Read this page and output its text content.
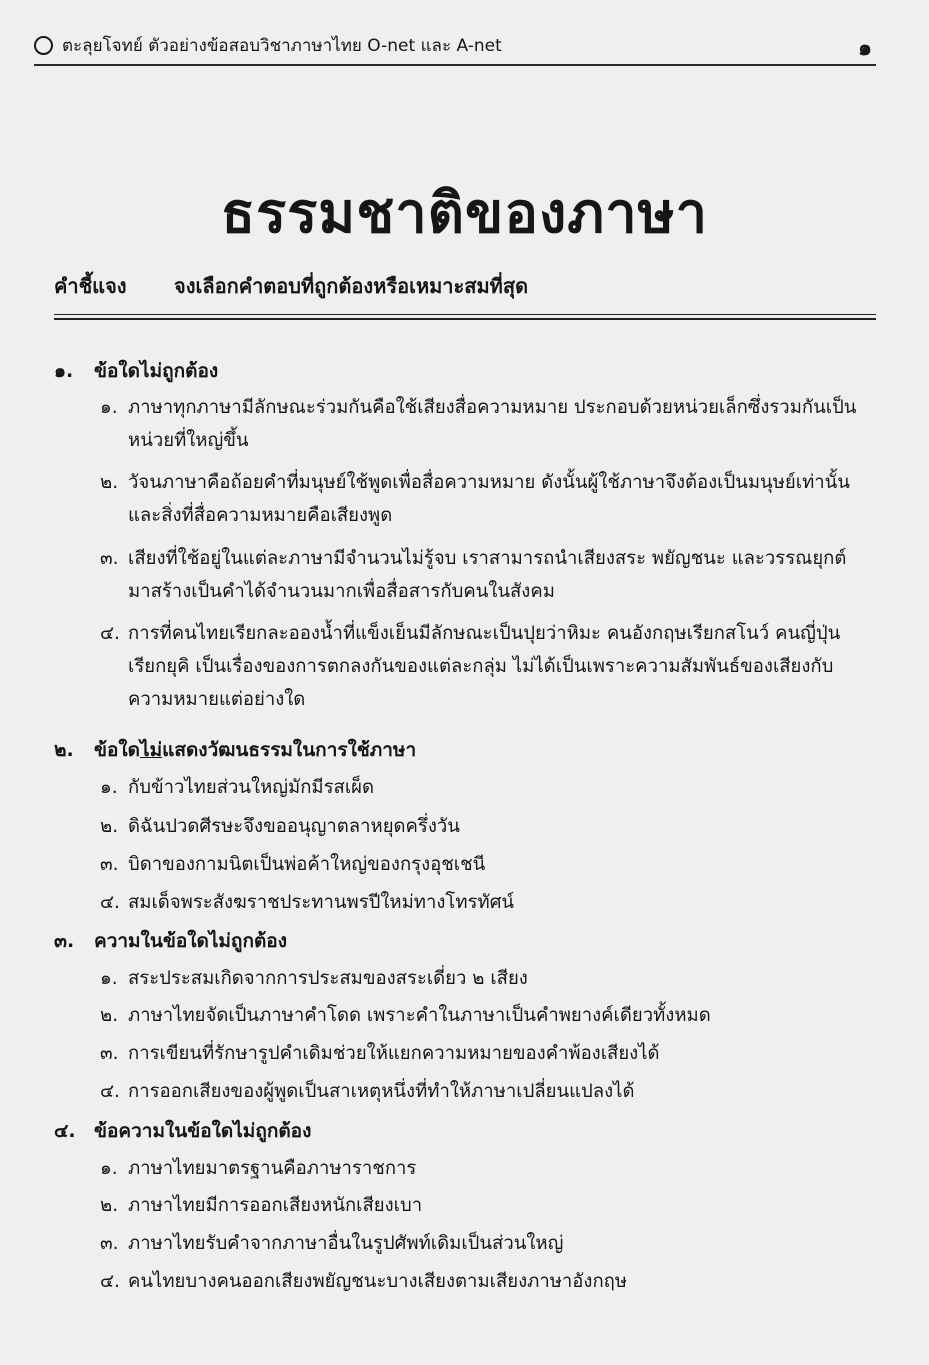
ตะลุยโจทย์ ตัวอย่างข้อสอบวิชาภาษาไทย O-net และ A-net	๑
ธรรมชาติของภาษา
คำชี้แจง จงเลือกคำตอบที่ถูกต้องหรือเหมาะสมที่สุด
๑. ข้อใดไม่ถูกต้อง
๑. ภาษาทุกภาษามีลักษณะร่วมกันคือใช้เสียงสื่อความหมาย ประกอบด้วยหน่วยเล็กซึ่งรวมกันเป็นหน่วยที่ใหญ่ขึ้น
๒. วัจนภาษาคือถ้อยคำที่มนุษย์ใช้พูดเพื่อสื่อความหมาย ดังนั้นผู้ใช้ภาษาจึงต้องเป็นมนุษย์เท่านั้นและสิ่งที่สื่อความหมายคือเสียงพูด
๓. เสียงที่ใช้อยู่ในแต่ละภาษามีจำนวนไม่รู้จบ เราสามารถนำเสียงสระ พยัญชนะ และวรรณยุกต์มาสร้างเป็นคำได้จำนวนมากเพื่อสื่อสารกับคนในสังคม
๔. การที่คนไทยเรียกละอองน้ำที่แข็งเย็นมีลักษณะเป็นปุยว่าหิมะ คนอังกฤษเรียกสโนว์ คนญี่ปุ่นเรียกยุคิ เป็นเรื่องของการตกลงกันของแต่ละกลุ่ม ไม่ได้เป็นเพราะความสัมพันธ์ของเสียงกับความหมายแต่อย่างใด
๒. ข้อใดไม่แสดงวัฒนธรรมในการใช้ภาษา
๑. กับข้าวไทยส่วนใหญ่มักมีรสเผ็ด
๒. ดิฉันปวดศีรษะจึงขออนุญาตลาหยุดครึ่งวัน
๓. บิดาของกามนิตเป็นพ่อค้าใหญ่ของกรุงอุชเชนี
๔. สมเด็จพระสังฆราชประทานพรปีใหม่ทางโทรทัศน์
๓. ความในข้อใดไม่ถูกต้อง
๑. สระประสมเกิดจากการประสมของสระเดี่ยว ๒ เสียง
๒. ภาษาไทยจัดเป็นภาษาคำโดด เพราะคำในภาษาเป็นคำพยางค์เดียวทั้งหมด
๓. การเขียนที่รักษารูปคำเดิมช่วยให้แยกความหมายของคำพ้องเสียงได้
๔. การออกเสียงของผู้พูดเป็นสาเหตุหนึ่งที่ทำให้ภาษาเปลี่ยนแปลงได้
๔. ข้อความในข้อใดไม่ถูกต้อง
๑. ภาษาไทยมาตรฐานคือภาษาราชการ
๒. ภาษาไทยมีการออกเสียงหนักเสียงเบา
๓. ภาษาไทยรับคำจากภาษาอื่นในรูปศัพท์เดิมเป็นส่วนใหญ่
๔. คนไทยบางคนออกเสียงพยัญชนะบางเสียงตามเสียงภาษาอังกฤษ
